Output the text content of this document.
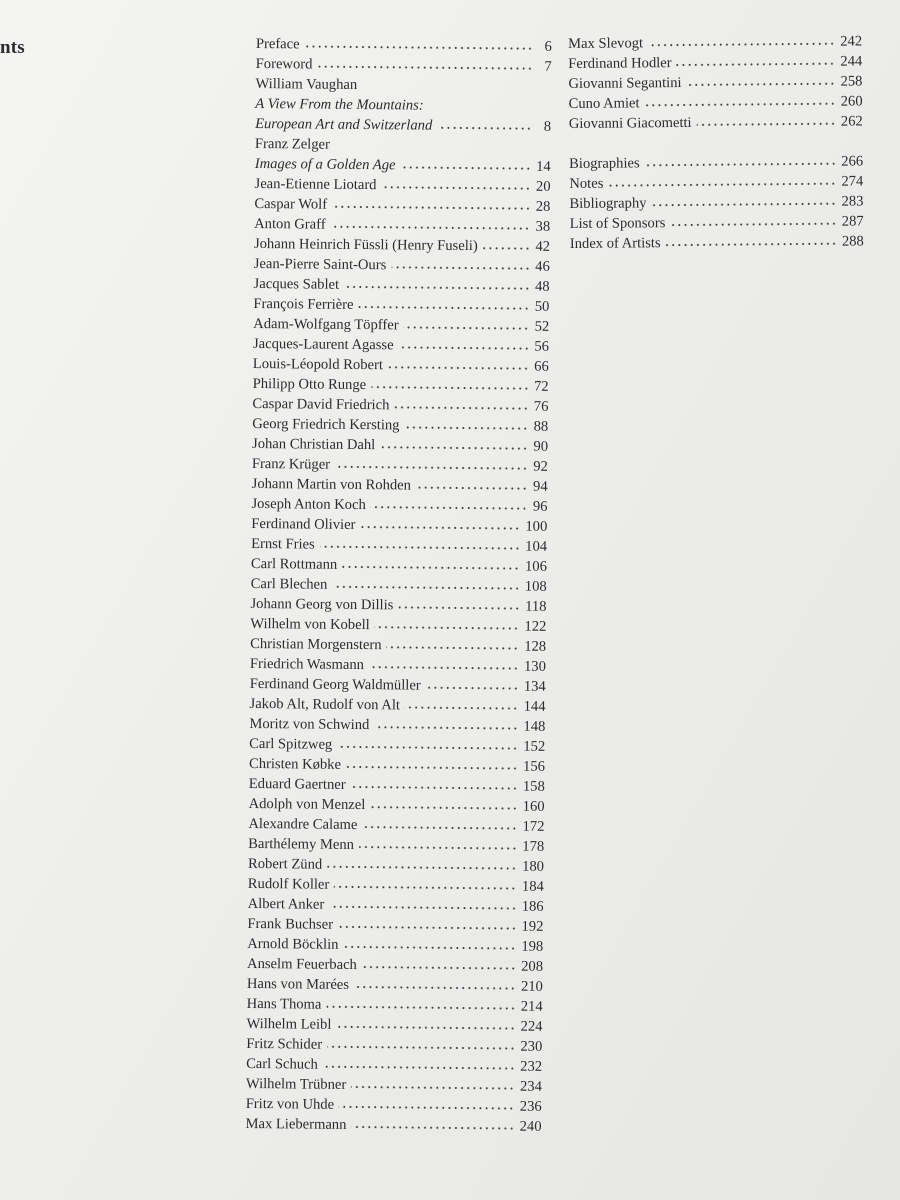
nts	Preface	6
Foreword	7
William Vaughan
A View From the Mountains:
European Art and Switzerland	8
Franz Zelger
Images of a Golden Age	14
Jean-Etienne Liotard	20
Caspar Wolf	28
Anton Graff	38
Johann Heinrich Füssli (Henry Fuseli)	42
Jean-Pierre Saint-Ours	46
Jacques Sablet	48
François Ferrière	50
Adam-Wolfgang Töpffer	52
Jacques-Laurent Agasse	56
Louis-Léopold Robert	66
Philipp Otto Runge	72
Caspar David Friedrich	76
Georg Friedrich Kersting	88
Johan Christian Dahl	90
Franz Krüger	92
Johann Martin von Rohden	94
Joseph Anton Koch	96
Ferdinand Olivier	100
Ernst Fries	104
Carl Rottmann	106
Carl Blechen	108
Johann Georg von Dillis	118
Wilhelm von Kobell	122
Christian Morgenstern	128
Friedrich Wasmann	130
Ferdinand Georg Waldmüller	134
Jakob Alt, Rudolf von Alt	144
Moritz von Schwind	148
Carl Spitzweg	152
Christen Købke	156
Eduard Gaertner	158
Adolph von Menzel	160
Alexandre Calame	172
Barthélemy Menn	178
Robert Zünd	180
Rudolf Koller	184
Albert Anker	186
Frank Buchser	192
Arnold Böcklin	198
Anselm Feuerbach	208
Hans von Marées	210
Hans Thoma	214
Wilhelm Leibl	224
Fritz Schider	230
Carl Schuch	232
Wilhelm Trübner	234
Fritz von Uhde	236
Max Liebermann	240
Max Slevogt	242
Ferdinand Hodler	244
Giovanni Segantini	258
Cuno Amiet	260
Giovanni Giacometti	262
Biographies	266
Notes	274
Bibliography	283
List of Sponsors	287
Index of Artists	288
